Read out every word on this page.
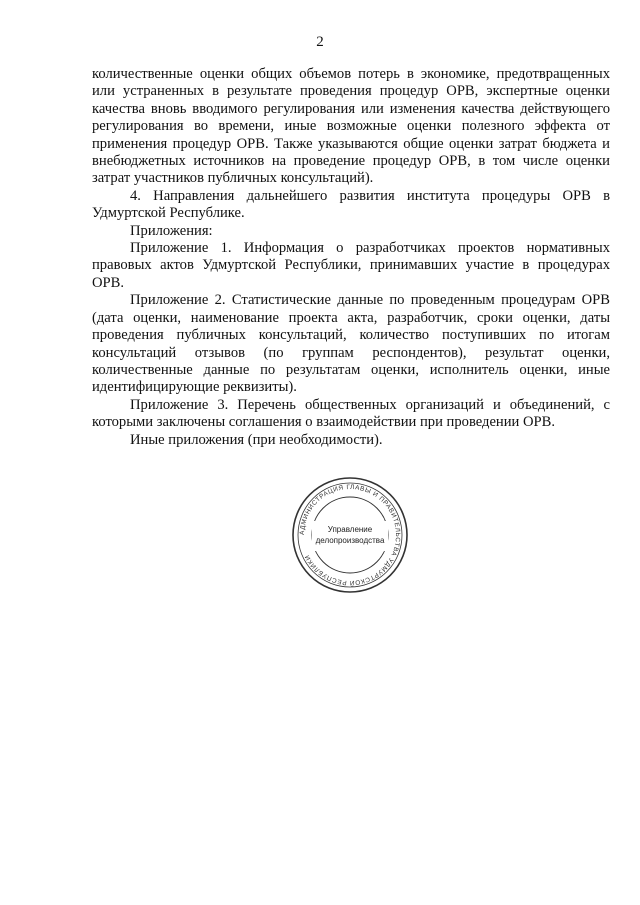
2

количественные оценки общих объемов потерь в экономике, предотвращенных или устраненных в результате проведения процедур ОРВ, экспертные оценки качества вновь вводимого регулирования или изменения качества действующего регулирования во времени, иные возможные оценки полезного эффекта от применения процедур ОРВ. Также указываются общие оценки затрат бюджета и внебюджетных источников на проведение процедур ОРВ, в том числе оценки затрат участников публичных консультаций).

4. Направления дальнейшего развития института процедуры ОРВ в Удмуртской Республике.

Приложения:

Приложение 1. Информация о разработчиках проектов нормативных правовых актов Удмуртской Республики, принимавших участие в процедурах ОРВ.

Приложение 2. Статистические данные по проведенным процедурам ОРВ (дата оценки, наименование проекта акта, разработчик, сроки оценки, даты проведения публичных консультаций, количество поступивших по итогам консультаций отзывов (по группам респондентов), результат оценки, количественные данные по результатам оценки, исполнитель оценки, иные идентифицирующие реквизиты).

Приложение 3. Перечень общественных организаций и объединений, с которыми заключены соглашения о взаимодействии при проведении ОРВ.

Иные приложения (при необходимости).

АДМИНИСТРАЦИЯ ГЛАВЫ И ПРАВИТЕЛЬСТВА УДМУРТСКОЙ РЕСПУБЛИКИ
Управление
делопроизводства
